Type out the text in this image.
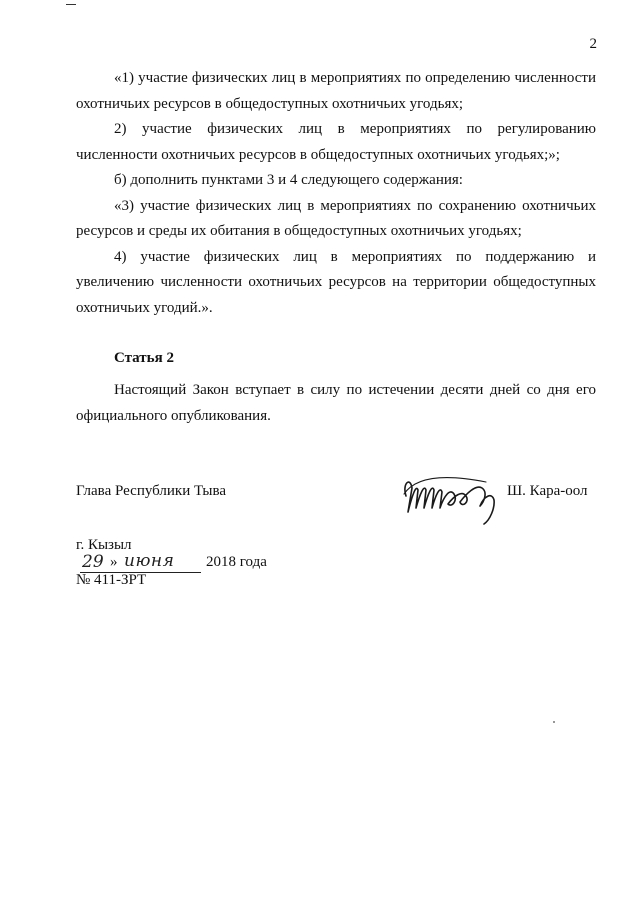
2

«1) участие физических лиц в мероприятиях по определению численности охотничьих ресурсов в общедоступных охотничьих угодьях;

2) участие физических лиц в мероприятиях по регулированию численности охотничьих ресурсов в общедоступных охотничьих угодьях;»;

б) дополнить пунктами 3 и 4 следующего содержания:

«3) участие физических лиц в мероприятиях по сохранению охотничьих ресурсов и среды их обитания в общедоступных охотничьих угодьях;

4) участие физических лиц в мероприятиях по поддержанию и увеличению численности охотничьих ресурсов на территории общедоступных охотничьих угодий.».

Статья 2

Настоящий Закон вступает в силу по истечении десяти дней со дня его официального опубликования.

Глава Республики Тыва	Ш. Кара-оол
г. Кызыл
29 » июня 2018 года
№ 411-ЗРТ
